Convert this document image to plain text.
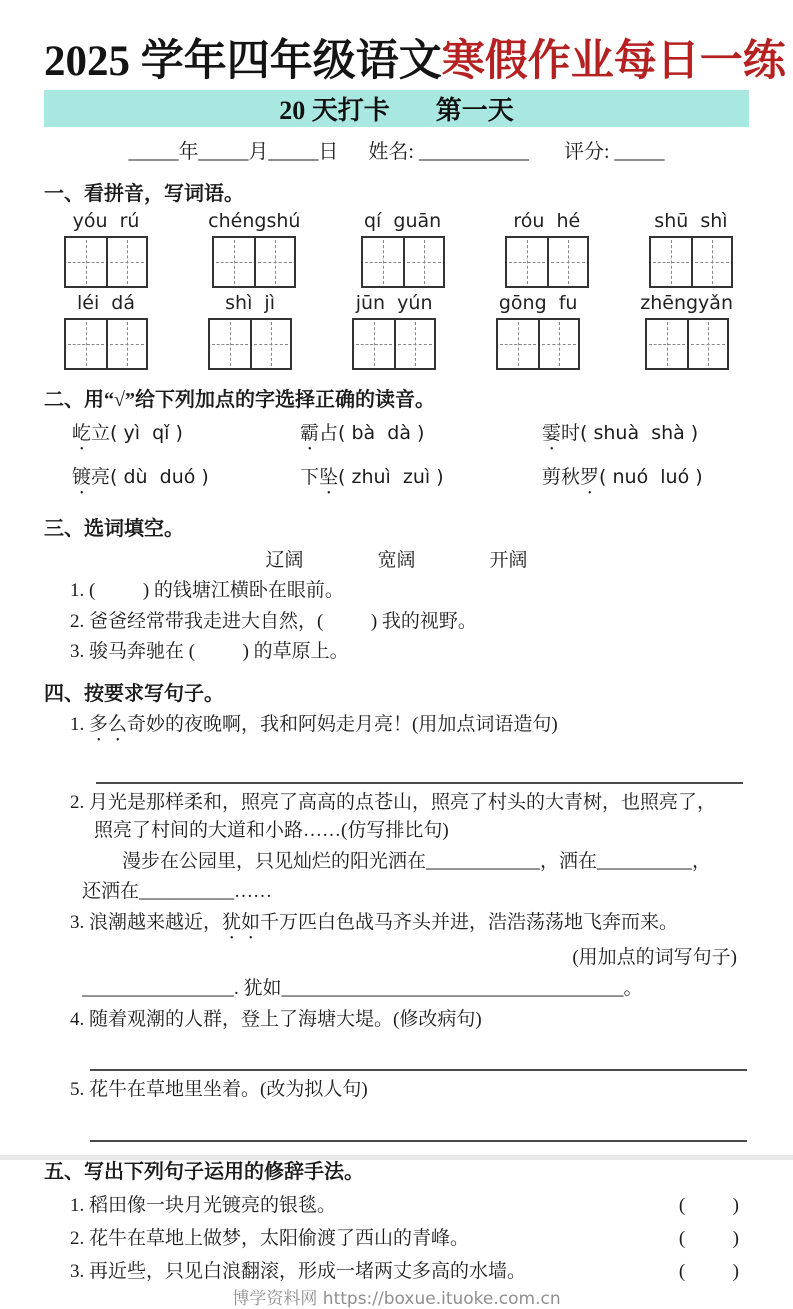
2025 学年四年级语文寒假作业每日一练
20 天打卡 第一天
_____年_____月_____日      姓名: ___________       评分: _____
一、看拼音，写词语。
yóu  rú	chéngshú	qí  guān	róu  hé	shū  shì
léi  dá	shì  jì	jūn  yún	gōng  fu	zhēngyǎn
二、用“√”给下列加点的字选择正确的读音。
屹立( yì  qǐ )	霸占( bà  dà )	霎时( shuà  shà )
镀亮( dù  duó )	下坠( zhuì  zuì )	剪秋罗( nuó  luó )
三、选词填空。
辽阔	宽阔	开阔
1. (          ) 的钱塘江横卧在眼前。
2. 爸爸经常带我走进大自然，(          ) 我的视野。
3. 骏马奔驰在 (          ) 的草原上。
四、按要求写句子。
1. 多么奇妙的夜晚啊，我和阿妈走月亮！(用加点词语造句)
2. 月光是那样柔和，照亮了高高的点苍山，照亮了村头的大青树，也照亮了，
照亮了村间的大道和小路……(仿写排比句)
漫步在公园里，只见灿烂的阳光洒在____________，洒在__________，
还洒在__________……
3. 浪潮越来越近，犹如千万匹白色战马齐头并进，浩浩荡荡地飞奔而来。
(用加点的词写句子)
________________. 犹如____________________________________。
4. 随着观潮的人群，登上了海塘大堤。(修改病句)
5. 花牛在草地里坐着。(改为拟人句)
五、写出下列句子运用的修辞手法。
1. 稻田像一块月光镀亮的银毯。	(          )
2. 花牛在草地上做梦，太阳偷渡了西山的青峰。	(          )
3. 再近些，只见白浪翻滚，形成一堵两丈多高的水墙。	(          )
博学资料网 https://boxue.ituoke.com.cn
